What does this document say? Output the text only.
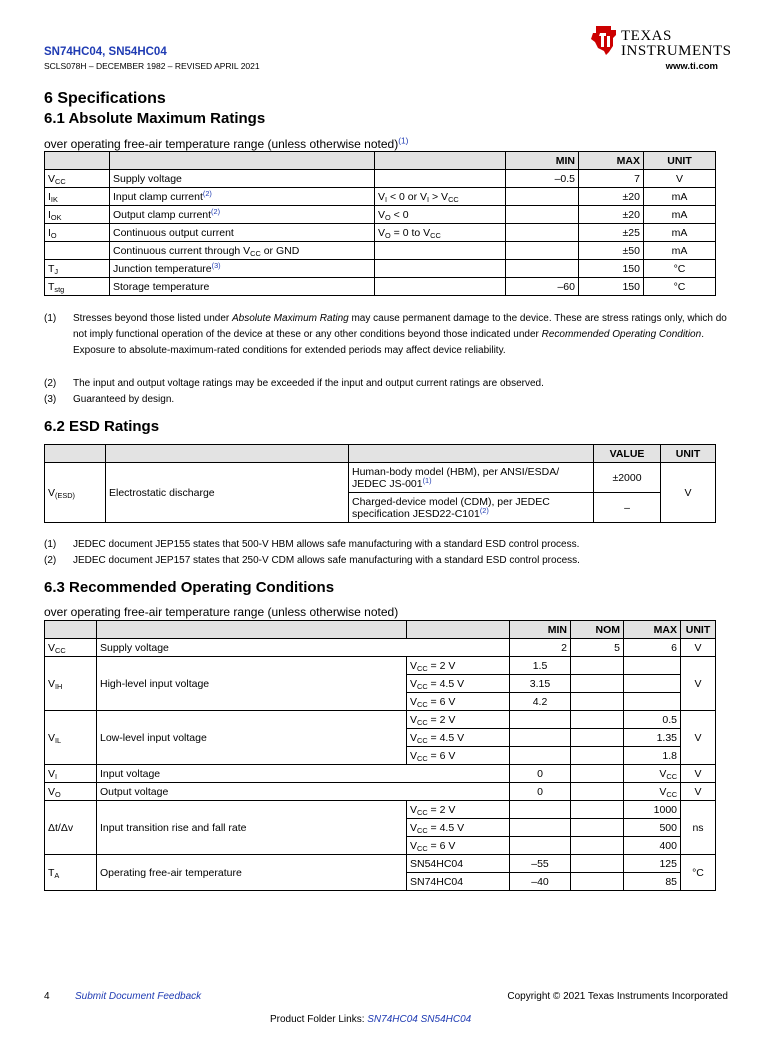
SN74HC04, SN54HC04
SCLS078H – DECEMBER 1982 – REVISED APRIL 2021	www.ti.com
TEXAS
INSTRUMENTS
6 Specifications
6.1 Absolute Maximum Ratings
over operating free-air temperature range (unless otherwise noted)$^{(1)}$
			MIN	MAX	UNIT
$V_{CC}$	Supply voltage		–0.5	7	V
$I_{IK}$	Input clamp current$^{(2)}$	$V_I < 0$ or $V_I > V_{CC}$		±20	mA
$I_{OK}$	Output clamp current$^{(2)}$	$V_O < 0$		±20	mA
$I_O$	Continuous output current	$V_O = 0$ to $V_{CC}$		±25	mA
	Continuous current through $V_{CC}$ or GND			±50	mA
$T_J$	Junction temperature$^{(3)}$			150	°C
$T_{stg}$	Storage temperature		–60	150	°C
(1) Stresses beyond those listed under Absolute Maximum Rating may cause permanent damage to the device. These are stress ratings only, which do not imply functional operation of the device at these or any other conditions beyond those indicated under Recommended Operating Condition. Exposure to absolute-maximum-rated conditions for extended periods may affect device reliability.
(2) The input and output voltage ratings may be exceeded if the input and output current ratings are observed.
(3) Guaranteed by design.
6.2 ESD Ratings
			VALUE	UNIT
$V_{(ESD)}$	Electrostatic discharge	Human-body model (HBM), per ANSI/ESDA/ JEDEC $JS-001^{(1)}$	±2000	V
		Charged-device model (CDM), per JEDEC specification JESD22-C101$^{(2)}$	–	
(1) JEDEC document JEP155 states that 500-V HBM allows safe manufacturing with a standard ESD control process.
(2) JEDEC document JEP157 states that 250-V CDM allows safe manufacturing with a standard ESD control process.
6.3 Recommended Operating Conditions
over operating free-air temperature range (unless otherwise noted)
			MIN	NOM	MAX	UNIT
$V_{CC}$	Supply voltage		2	5	6	V
$V_{IH}$	High-level input voltage	$V_{CC} = 2$ V	1.5			V
		$V_{CC} = 4.5$ V	3.15			
		$V_{CC} = 6$ V	4.2			
$V_{IL}$	Low-level input voltage	$V_{CC} = 2$ V			0.5	V
		$V_{CC} = 4.5$ V			1.35	
		$V_{CC} = 6$ V			1.8	
$V_I$	Input voltage		0		$V_{CC}$	V
$V_O$	Output voltage		0		$V_{CC}$	V
Δt/Δv	Input transition rise and fall rate	$V_{CC} = 2$ V			1000	ns
		$V_{CC} = 4.5$ V			500	
		$V_{CC} = 6$ V			400	
$T_A$	Operating free-air temperature	SN54HC04	–55		125	°C
		SN74HC04	–40		85	
4	Submit Document Feedback	Copyright © 2021 Texas Instruments Incorporated
Product Folder Links: SN74HC04 SN54HC04
